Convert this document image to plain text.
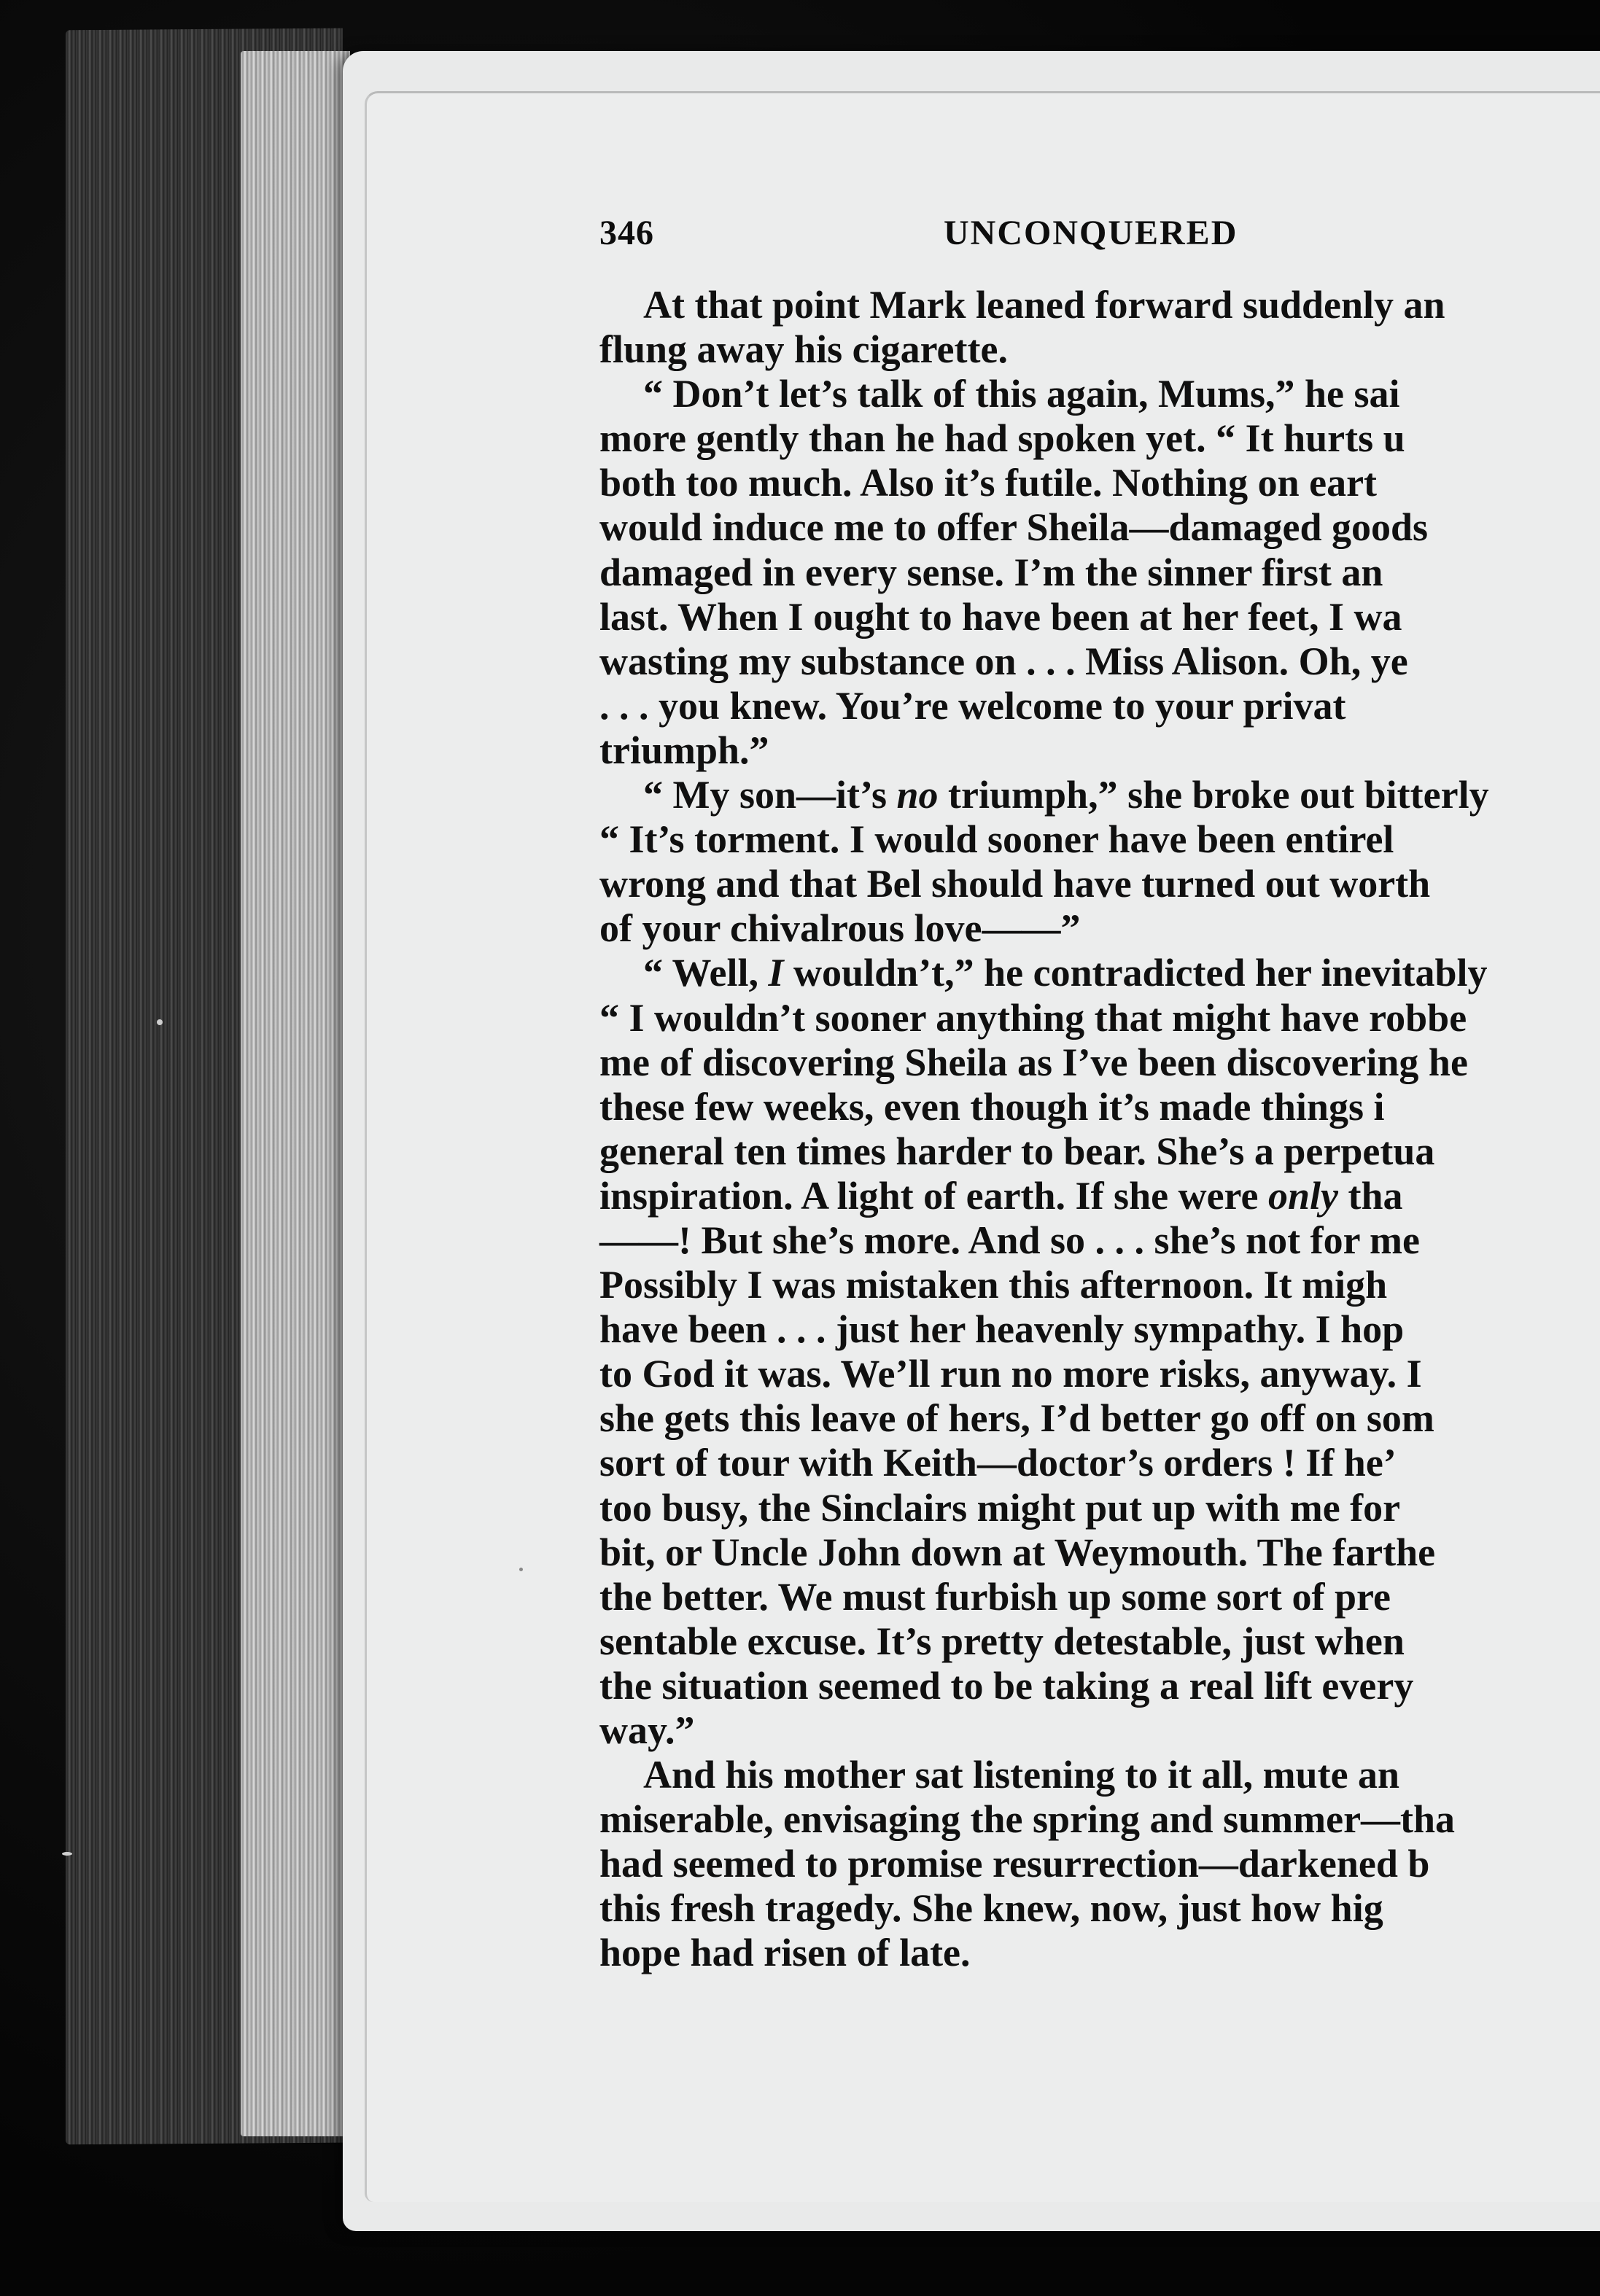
346	UNCONQUERED
At that point Mark leaned forward suddenly an
flung away his cigarette.
“ Don’t let’s talk of this again, Mums,” he sai
more gently than he had spoken yet. “ It hurts u
both too much. Also it’s futile. Nothing on eart
would induce me to offer Sheila—damaged goods
damaged in every sense. I’m the sinner first an
last. When I ought to have been at her feet, I wa
wasting my substance on . . . Miss Alison. Oh, ye
. . . you knew. You’re welcome to your privat
triumph.”
“ My son—it’s no triumph,” she broke out bitterly
“ It’s torment. I would sooner have been entirel
wrong and that Bel should have turned out worth
of your chivalrous love——”
“ Well, I wouldn’t,” he contradicted her inevitably
“ I wouldn’t sooner anything that might have robbe
me of discovering Sheila as I’ve been discovering he
these few weeks, even though it’s made things i
general ten times harder to bear. She’s a perpetua
inspiration. A light of earth. If she were only tha
——! But she’s more. And so . . . she’s not for me
Possibly I was mistaken this afternoon. It migh
have been . . . just her heavenly sympathy. I hop
to God it was. We’ll run no more risks, anyway. I
she gets this leave of hers, I’d better go off on som
sort of tour with Keith—doctor’s orders ! If he’
too busy, the Sinclairs might put up with me for
bit, or Uncle John down at Weymouth. The farthe
the better. We must furbish up some sort of pre
sentable excuse. It’s pretty detestable, just when
the situation seemed to be taking a real lift every
way.”
And his mother sat listening to it all, mute an
miserable, envisaging the spring and summer—tha
had seemed to promise resurrection—darkened b
this fresh tragedy. She knew, now, just how hig
hope had risen of late.
